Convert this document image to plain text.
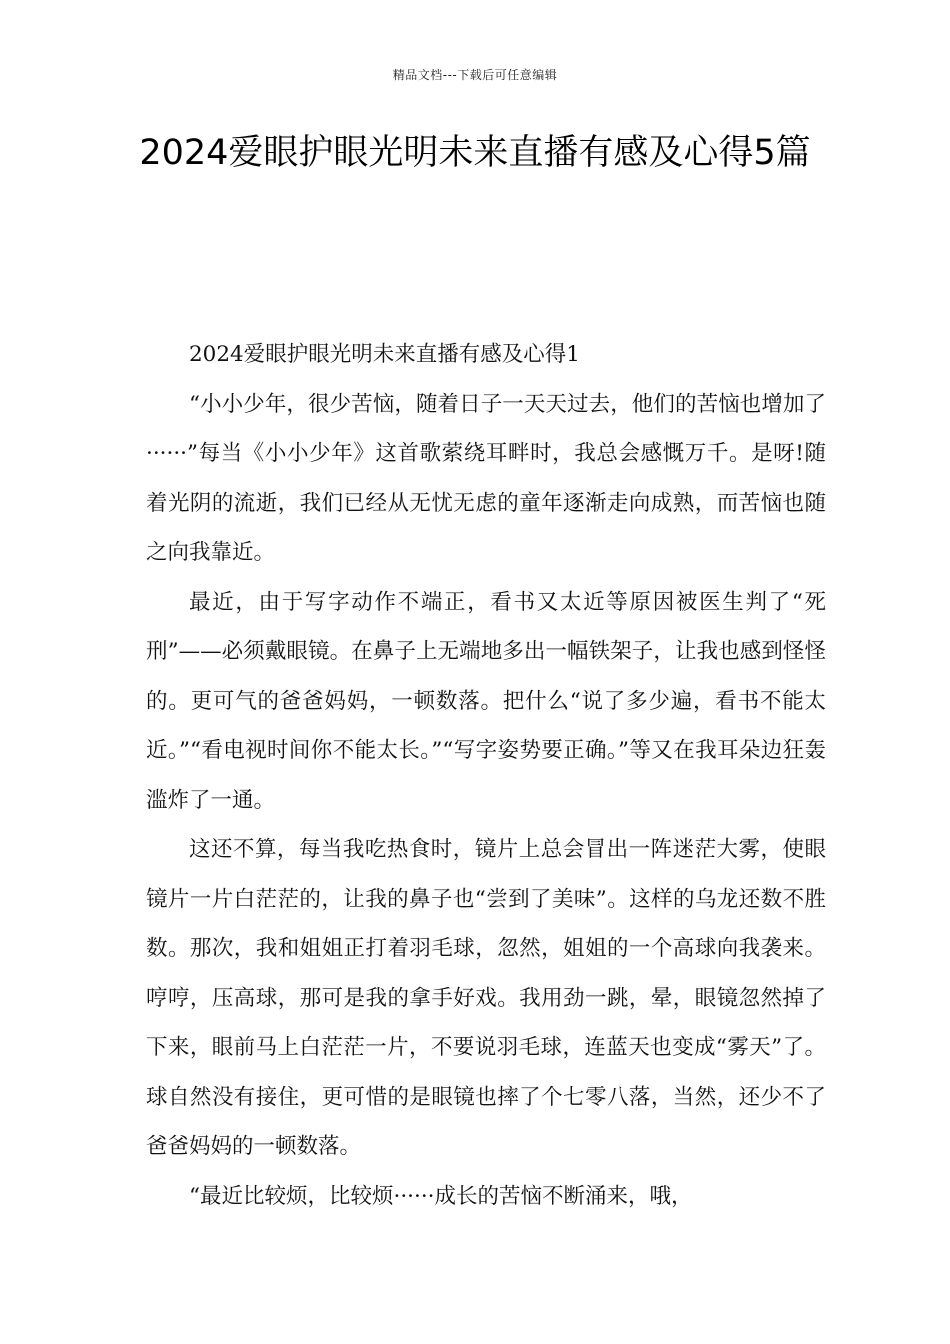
精品文档---下载后可任意编辑
2024爱眼护眼光明未来直播有感及心得5篇

2024爱眼护眼光明未来直播有感及心得1

“小小少年，很少苦恼，随着日子一天天过去，他们的苦恼也增加了······”每当《小小少年》这首歌萦绕耳畔时，我总会感慨万千。是呀!随着光阴的流逝，我们已经从无忧无虑的童年逐渐走向成熟，而苦恼也随之向我靠近。

最近，由于写字动作不端正，看书又太近等原因被医生判了“死刑”——必须戴眼镜。在鼻子上无端地多出一幅铁架子，让我也感到怪怪的。更可气的爸爸妈妈，一顿数落。把什么“说了多少遍，看书不能太近。”“看电视时间你不能太长。”“写字姿势要正确。”等又在我耳朵边狂轰滥炸了一通。

这还不算，每当我吃热食时，镜片上总会冒出一阵迷茫大雾，使眼镜片一片白茫茫的，让我的鼻子也“尝到了美味”。这样的乌龙还数不胜数。那次，我和姐姐正打着羽毛球，忽然，姐姐的一个高球向我袭来。哼哼，压高球，那可是我的拿手好戏。我用劲一跳，晕，眼镜忽然掉了下来，眼前马上白茫茫一片，不要说羽毛球，连蓝天也变成“雾天”了。球自然没有接住，更可惜的是眼镜也摔了个七零八落，当然，还少不了爸爸妈妈的一顿数落。

“最近比较烦，比较烦······成长的苦恼不断涌来，哦，
